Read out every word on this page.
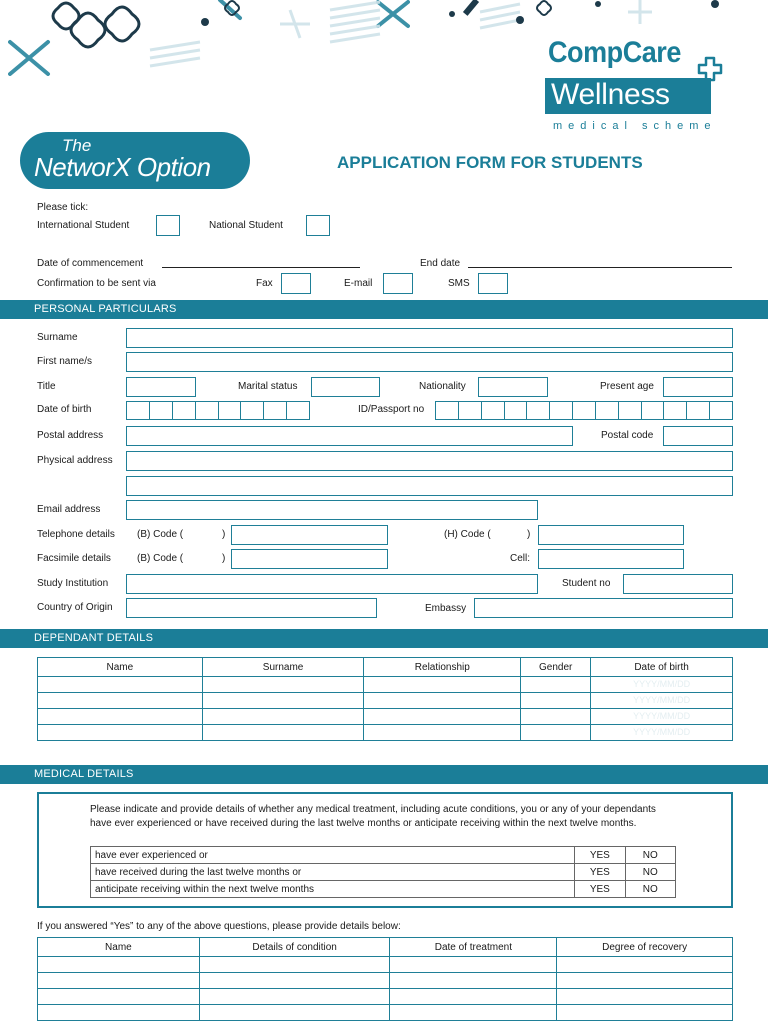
CompCare
Wellness
medical scheme
The
NetworX Option	APPLICATION FORM FOR STUDENTS
Please tick:
International Student	National Student
Date of commencement	End date
Confirmation to be sent via	Fax	E-mail	SMS
PERSONAL PARTICULARS
Surname
First name/s
Title	Marital status	Nationality	Present age
Date of birth	ID/Passport no
Postal address	Postal code
Physical address
Email address
Telephone details (B) Code (	)	(H) Code (	)
Facsimile details	(B) Code (	)	Cell:
Study Institution	Student no
Country of Origin	Embassy
DEPENDANT DETAILS
Name	Surname	Relationship	Gender	Date of birth
				YYYY/MM/DD
				YYYY/MM/DD
				YYYY/MM/DD
				YYYY/MM/DD
MEDICAL DETAILS
Please indicate and provide details of whether any medical treatment, including acute conditions, you or any of your dependants have ever experienced or have received during the last twelve months or anticipate receiving within the next twelve months.
have ever experienced or	YES	NO
have received during the last twelve months or	YES	NO
anticipate receiving within the next twelve months	YES	NO
If you answered “Yes” to any of the above questions, please provide details below:
Name	Details of condition	Date of treatment	Degree of recovery
